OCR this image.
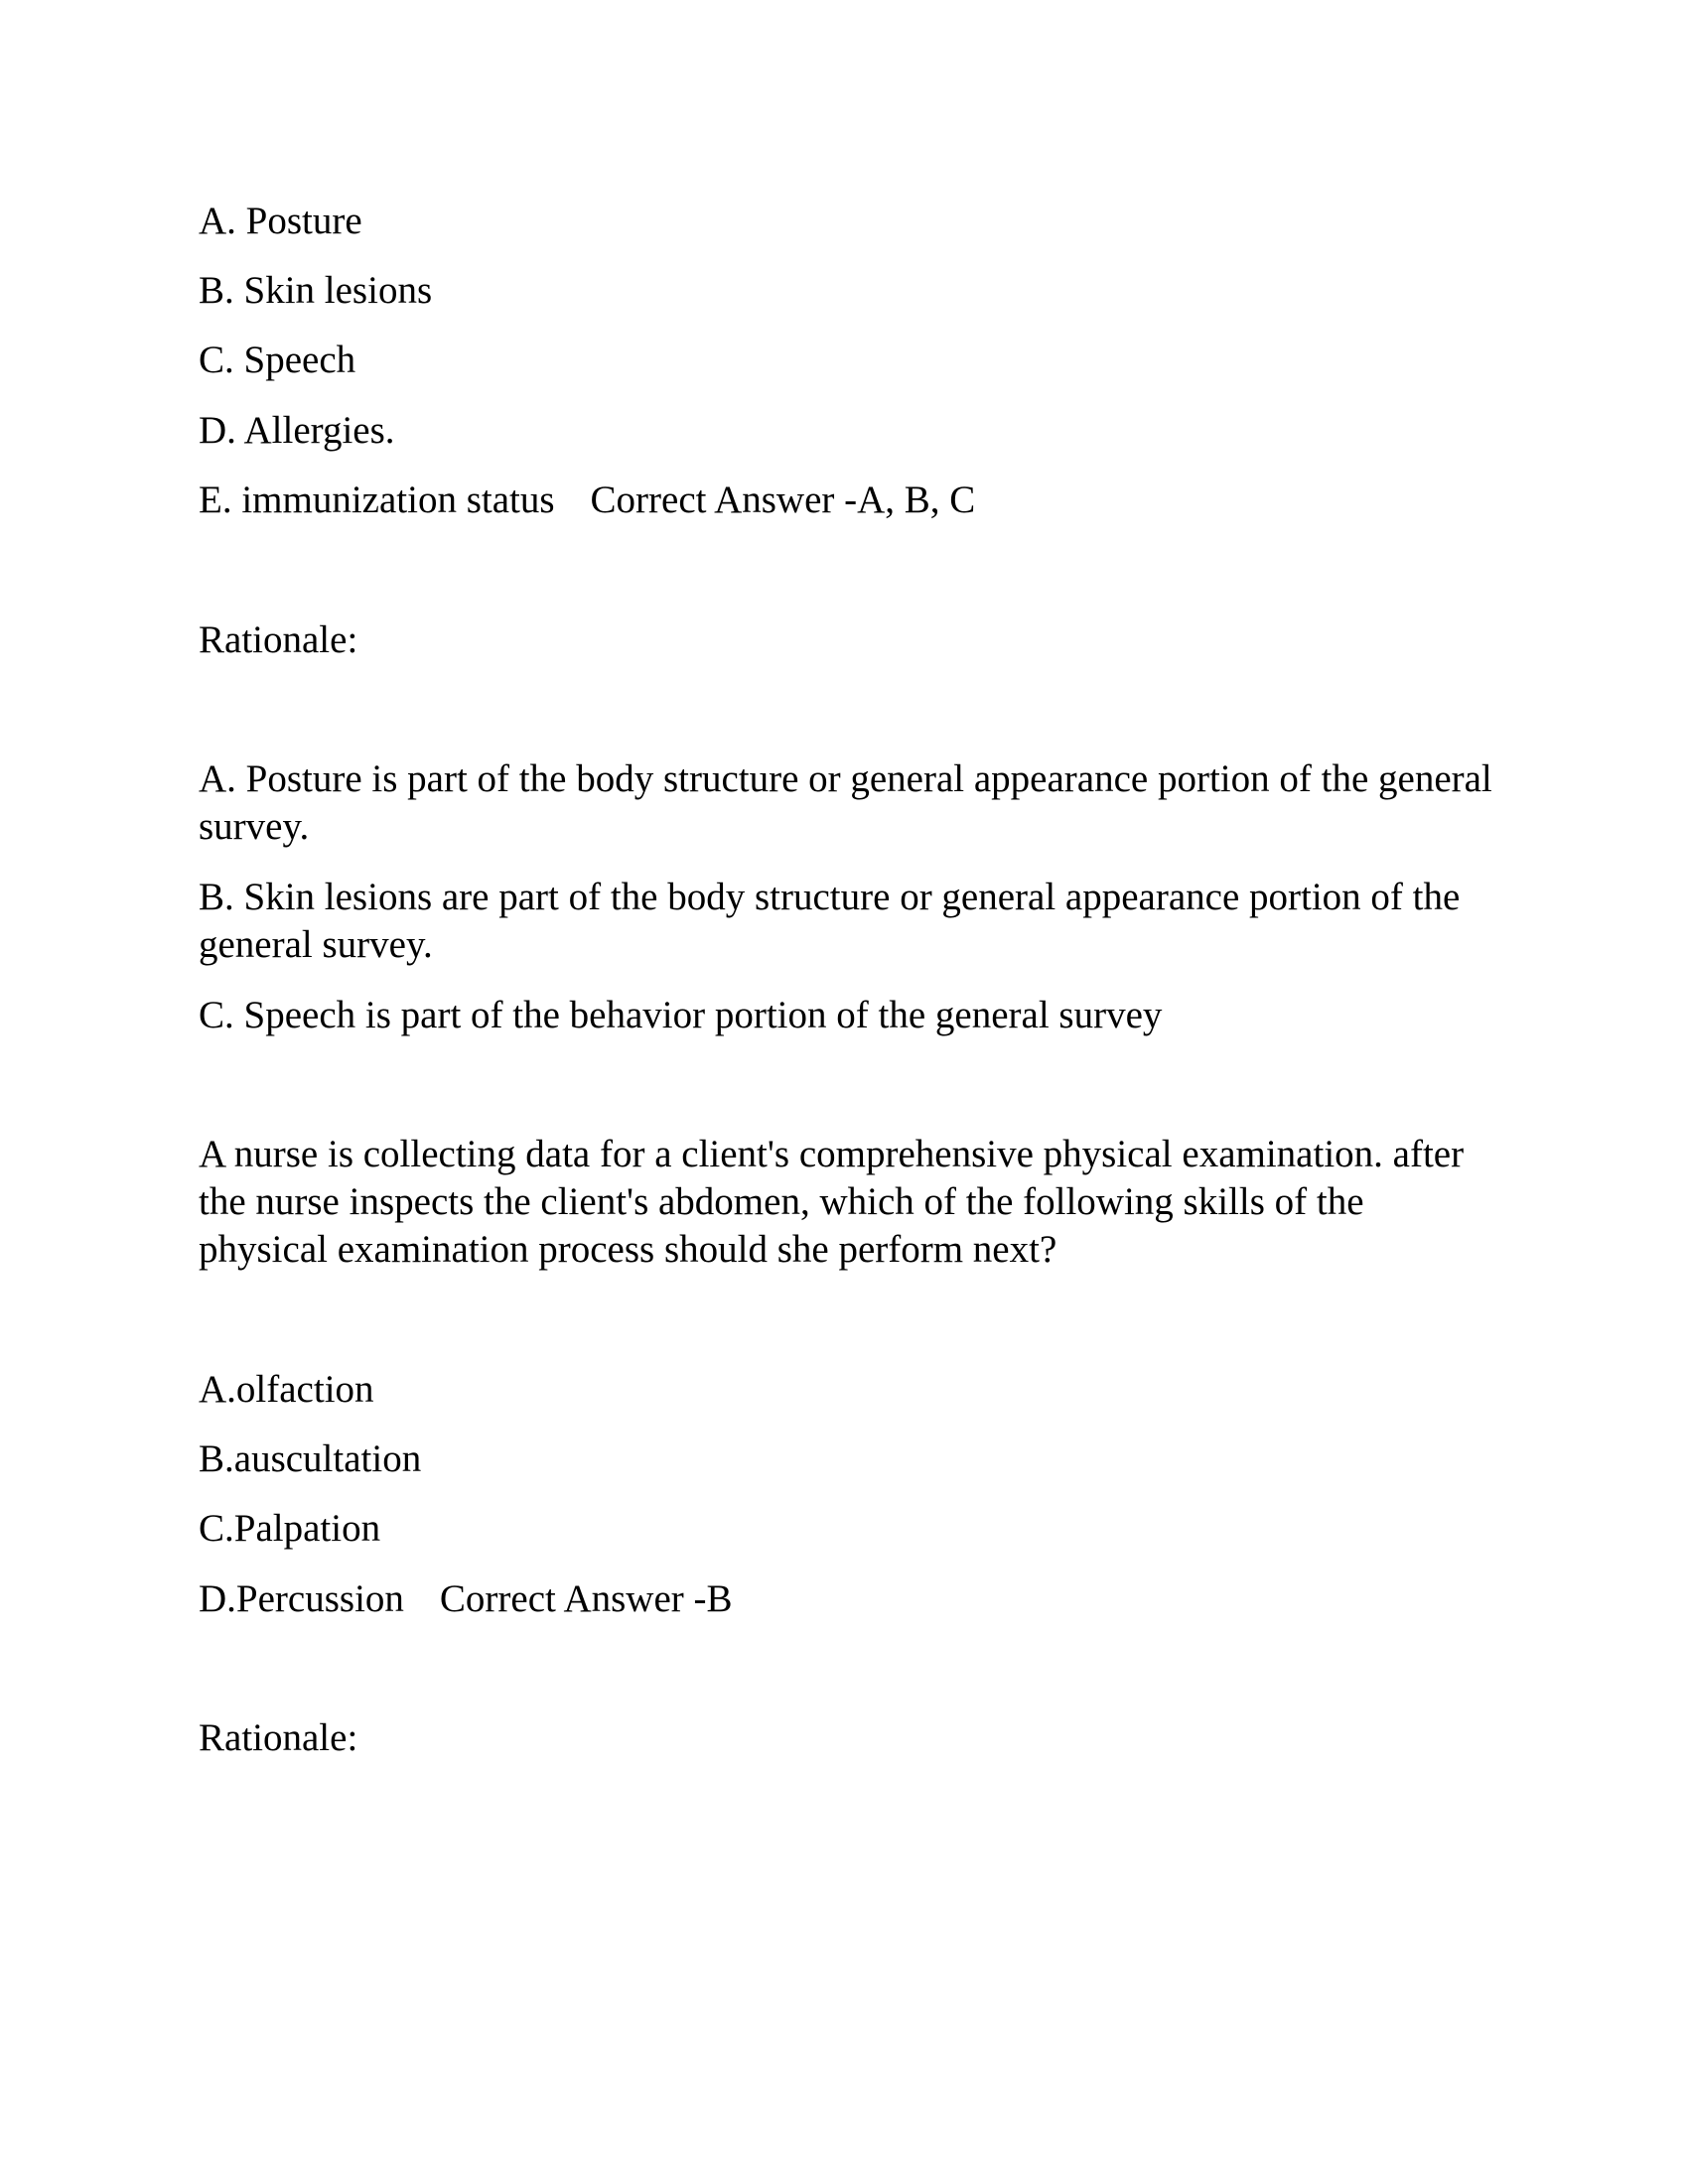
A. Posture
B. Skin lesions
C. Speech
D. Allergies.
E. immunization status Correct Answer -A, B, C
Rationale:
A. Posture is part of the body structure or general appearance portion of the general
survey.
B. Skin lesions are part of the body structure or general appearance portion of the
general survey.
C. Speech is part of the behavior portion of the general survey
A nurse is collecting data for a client's comprehensive physical examination. after
the nurse inspects the client's abdomen, which of the following skills of the
physical examination process should she perform next?
A.olfaction
B.auscultation
C.Palpation
D.Percussion Correct Answer -B
Rationale:
